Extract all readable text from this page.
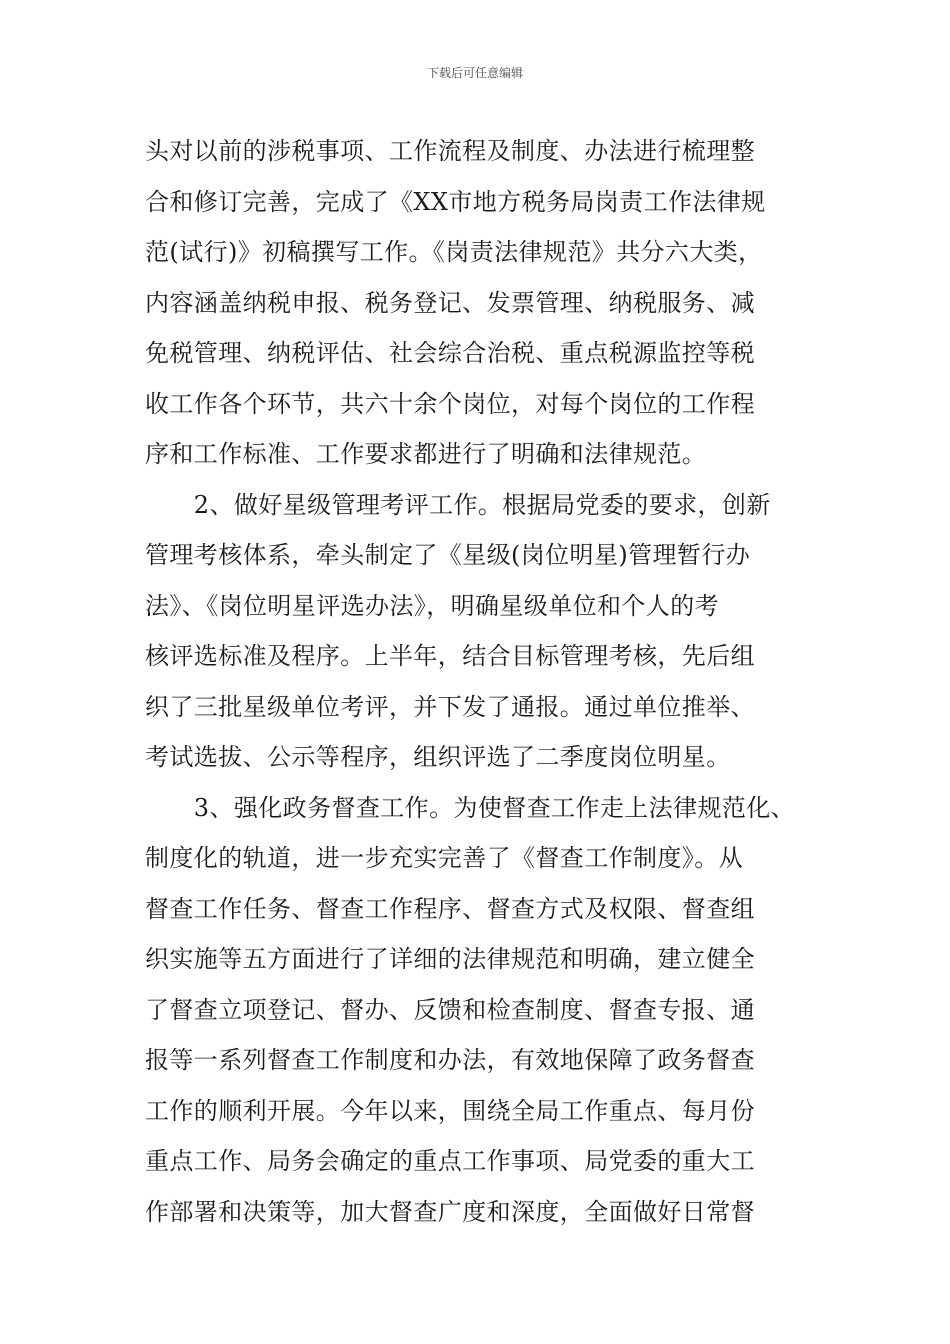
下载后可任意编辑
头对以前的涉税事项、工作流程及制度、办法进行梳理整
合和修订完善，完成了《XX市地方税务局岗责工作法律规
范(试行)》初稿撰写工作。《岗责法律规范》共分六大类，
内容涵盖纳税申报、税务登记、发票管理、纳税服务、减
免税管理、纳税评估、社会综合治税、重点税源监控等税
收工作各个环节，共六十余个岗位，对每个岗位的工作程
序和工作标准、工作要求都进行了明确和法律规范。
　　2、做好星级管理考评工作。根据局党委的要求，创新
管理考核体系，牵头制定了《星级(岗位明星)管理暂行办
法》、《岗位明星评选办法》，明确星级单位和个人的考
核评选标准及程序。上半年，结合目标管理考核，先后组
织了三批星级单位考评，并下发了通报。通过单位推举、
考试选拔、公示等程序，组织评选了二季度岗位明星。
　　3、强化政务督查工作。为使督查工作走上法律规范化、
制度化的轨道，进一步充实完善了《督查工作制度》。从
督查工作任务、督查工作程序、督查方式及权限、督查组
织实施等五方面进行了详细的法律规范和明确，建立健全
了督查立项登记、督办、反馈和检查制度、督查专报、通
报等一系列督查工作制度和办法，有效地保障了政务督查
工作的顺利开展。今年以来，围绕全局工作重点、每月份
重点工作、局务会确定的重点工作事项、局党委的重大工
作部署和决策等，加大督查广度和深度，全面做好日常督
